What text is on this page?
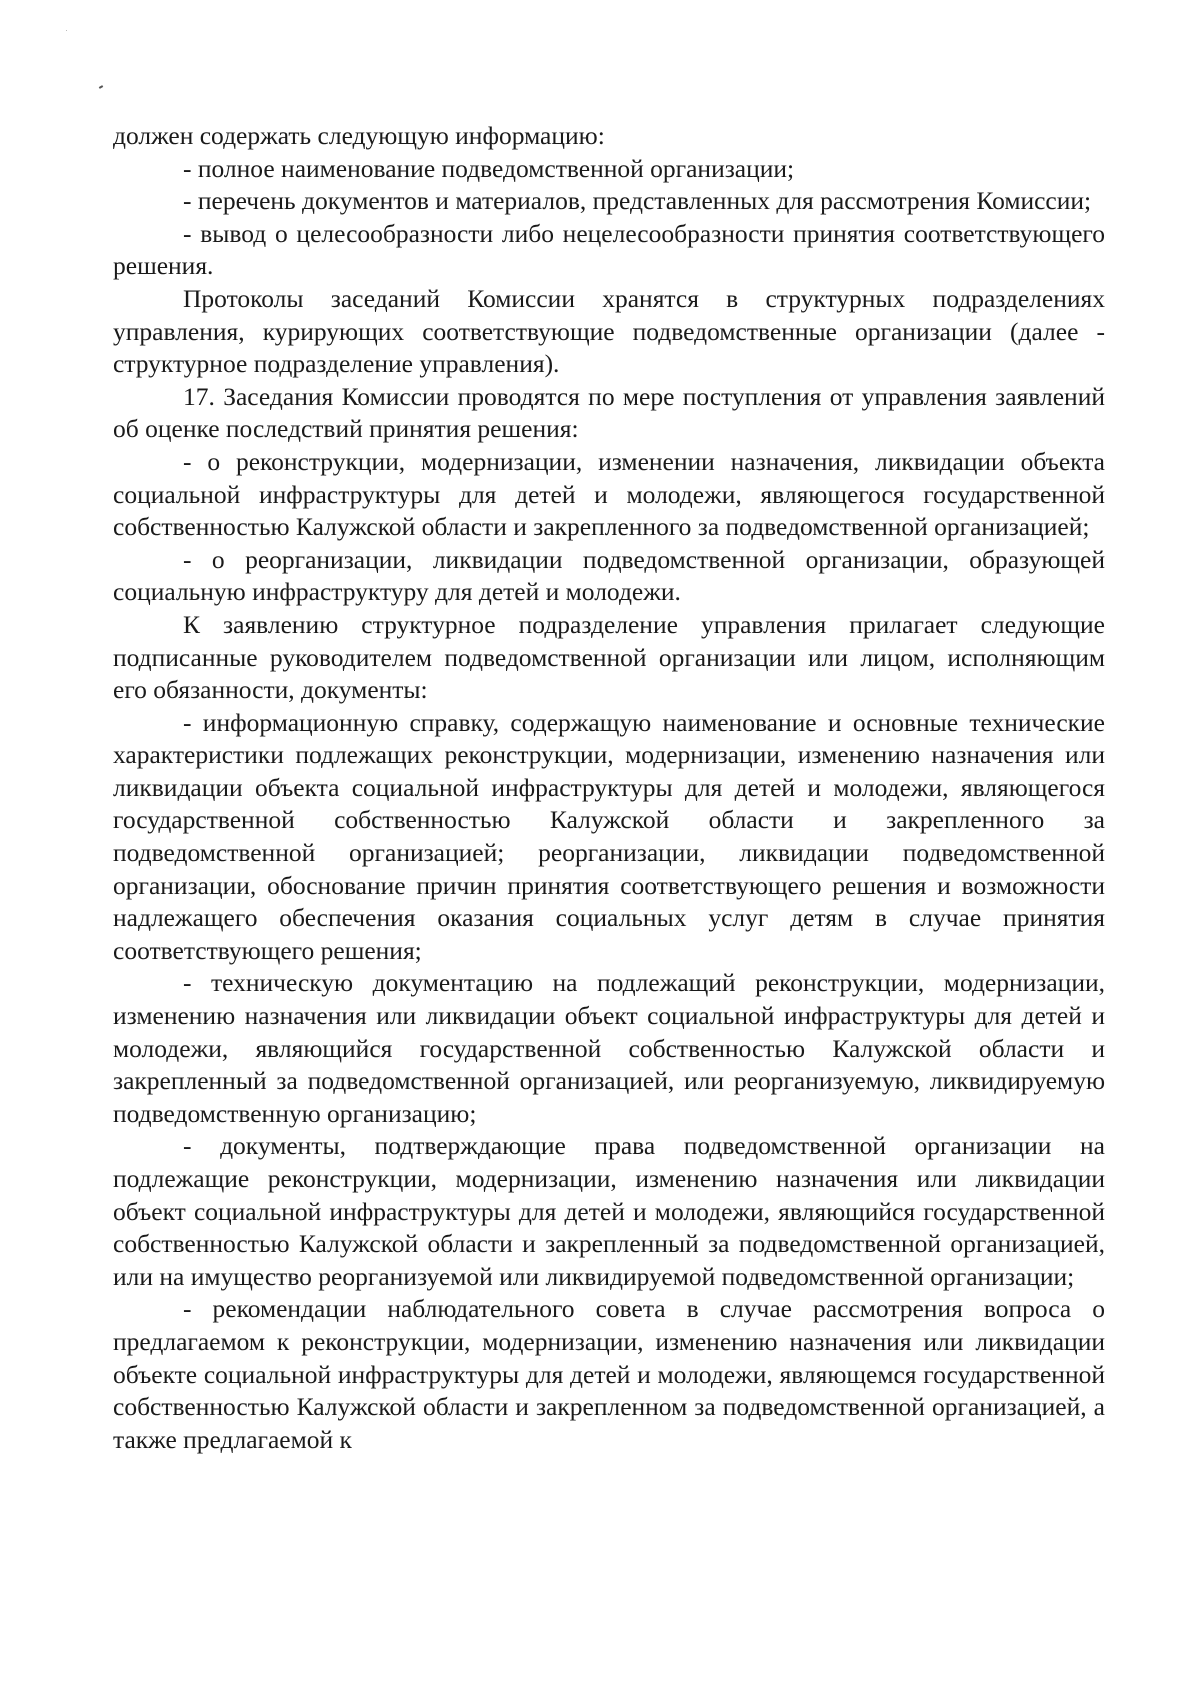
должен содержать следующую информацию:

- полное наименование подведомственной организации;

- перечень документов и материалов, представленных для рассмотрения Комиссии;

- вывод о целесообразности либо нецелесообразности принятия соответствующего решения.

Протоколы заседаний Комиссии хранятся в структурных подразделениях управления, курирующих соответствующие подведомственные организации (далее - структурное подразделение управления).

17. Заседания Комиссии проводятся по мере поступления от управления заявлений об оценке последствий принятия решения:

- о реконструкции, модернизации, изменении назначения, ликвидации объекта социальной инфраструктуры для детей и молодежи, являющегося государственной собственностью Калужской области и закрепленного за подведомственной организацией;

- о реорганизации, ликвидации подведомственной организации, образующей социальную инфраструктуру для детей и молодежи.

К заявлению структурное подразделение управления прилагает следующие подписанные руководителем подведомственной организации или лицом, исполняющим его обязанности, документы:

- информационную справку, содержащую наименование и основные технические характеристики подлежащих реконструкции, модернизации, изменению назначения или ликвидации объекта социальной инфраструктуры для детей и молодежи, являющегося государственной собственностью Калужской области и закрепленного за подведомственной организацией; реорганизации, ликвидации подведомственной организации, обоснование причин принятия соответствующего решения и возможности надлежащего обеспечения оказания социальных услуг детям в случае принятия соответствующего решения;

- техническую документацию на подлежащий реконструкции, модернизации, изменению назначения или ликвидации объект социальной инфраструктуры для детей и молодежи, являющийся государственной собственностью Калужской области и закрепленный за подведомственной организацией, или реорганизуемую, ликвидируемую подведомственную организацию;

- документы, подтверждающие права подведомственной организации на подлежащие реконструкции, модернизации, изменению назначения или ликвидации объект социальной инфраструктуры для детей и молодежи, являющийся государственной собственностью Калужской области и закрепленный за подведомственной организацией, или на имущество реорганизуемой или ликвидируемой подведомственной организации;

- рекомендации наблюдательного совета в случае рассмотрения вопроса о предлагаемом к реконструкции, модернизации, изменению назначения или ликвидации объекте социальной инфраструктуры для детей и молодежи, являющемся государственной собственностью Калужской области и закрепленном за подведомственной организацией, а также предлагаемой к
